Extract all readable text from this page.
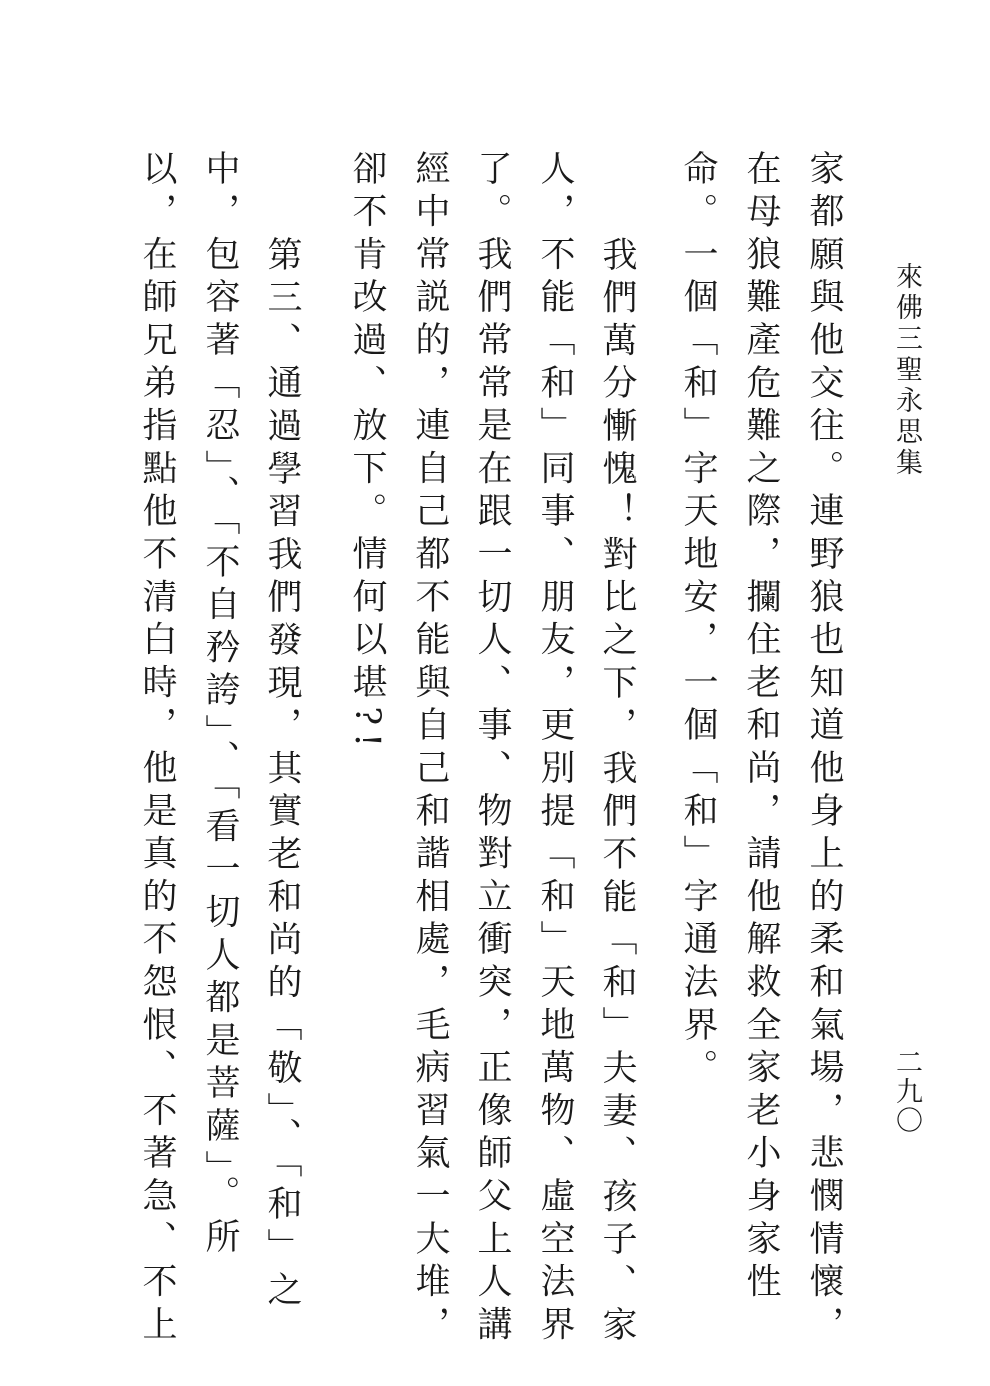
來佛三聖永思集
二九〇
家都願與他交往。連野狼也知道他身上的柔和氣場，悲憫情懷，
在母狼難產危難之際，攔住老和尚，請他解救全家老小身家性
命。一個「和」字天地安，一個「和」字通法界。
我們萬分慚愧！對比之下，我們不能「和」夫妻、孩子、家
人，不能「和」同事、朋友，更別提「和」天地萬物、虛空法界
了。我們常常是在跟一切人、事、物對立衝突，正像師父上人講
經中常説的，連自己都不能與自己和諧相處，毛病習氣一大堆，
卻不肯改過、放下。情何以堪?!
第三、通過學習我們發現，其實老和尚的「敬」、「和」之
中，包容著「忍」、「不自矜誇」、「看一切人都是菩薩」。所
以，在師兄弟指點他不清白時，他是真的不怨恨、不著急、不上
